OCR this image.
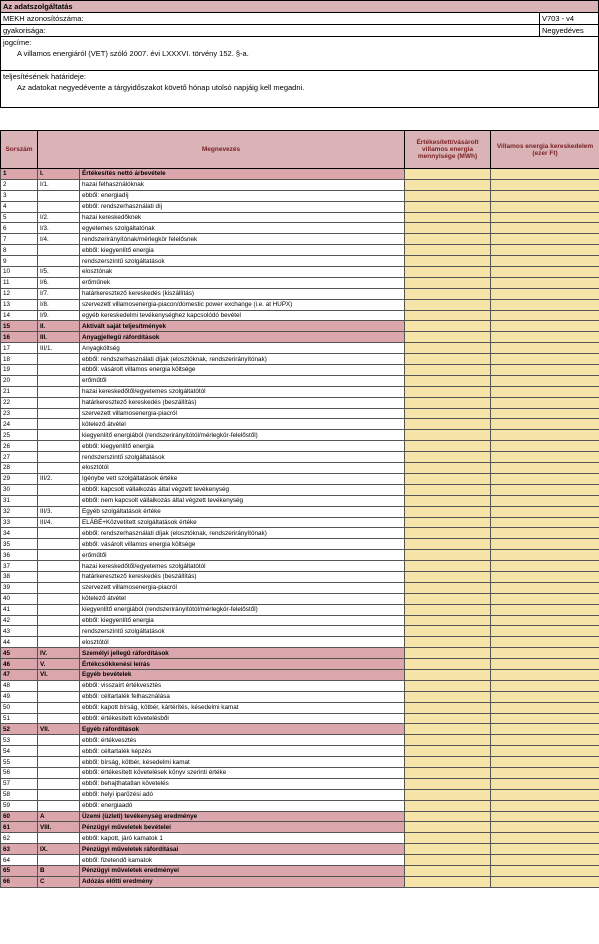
Az adatszolgáltatás
MEKH azonosítószáma:	V703 - v4
gyakorisága:	Negyedéves
jogcíme:
A villamos energiáról (VET) szóló 2007. évi LXXXVI. törvény 152. §-a.
teljesítésének határideje:
Az adatokat negyedévente a tárgyidőszakot követő hónap utolsó napjáig kell megadni.
Sorszám	Megnevezés		Értékesített/vásárolt villamos energia mennyisége (MWh)	Villamos energia kereskedelem (ezer Ft)
1	I.	Értékesítés nettó árbevétele		
2	I/1.	hazai felhasználóknak		
3		ebből: energiadíj		
4		ebből: rendszerhasználati díj		
5	I/2.	hazai kereskedőknek		
6	I/3.	egyetemes szolgáltatónak		
7	I/4.	rendszerirányítónak/mérlegkör felelősnek		
8		ebből: kiegyenlítő energia		
9		rendszerszintű szolgáltatások		
10	I/5.	elosztónak		
11	I/6.	erőműnek		
12	I/7.	határkeresztező kereskedés (kiszállítás)		
13	I/8.	szervezett villamosenergia-piacon/domestic power exchange (i.e. at HUPX)		
14	I/9.	egyéb kereskedelmi tevékenységhez kapcsolódó bevétel		
15	II.	Aktivált saját teljesítmények		
16	III.	Anyagjellegű ráfordítások		
17	III/1.	Anyagköltség		
18		ebből: rendszerhasználati díjak (elosztóknak, rendszerirányítónak)		
19		ebből: vásárolt villamos energia költsége		
20		erőműtől		
21		hazai kereskedőtől/egyetemes szolgáltatótól		
22		határkeresztező kereskedés (beszállítás)		
23		szervezett villamosenergia-piacról		
24		kötelező átvétel		
25		kiegyenlítő energiából (rendszerirányítótól/mérlegkör-felelőstől)		
26		ebből: kiegyenlítő energia		
27		rendszerszintű szolgáltatások		
28		elosztótól		
29	III/2.	Igénybe vett szolgáltatások értéke		
30		ebből: kapcsolt vállalkozás által végzett tevékenység		
31		ebből: nem kapcsolt vállalkozás által végzett tevékenység		
32	III/3.	Egyéb szolgáltatások értéke		
33	III/4.	ELÁBÉ+Közvetített szolgáltatások értéke		
34		ebből: rendszerhasználati díjak (elosztóknak, rendszerirányítónak)		
35		ebből: vásárolt villamos energia költsége		
36		erőműtől		
37		hazai kereskedőtől/egyetemes szolgáltatótól		
38		határkeresztező kereskedés (beszállítás)		
39		szervezett villamosenergia-piacról		
40		kötelező átvétel		
41		kiegyenlítő energiából (rendszerirányítótól/mérlegkör-felelőstől)		
42		ebből: kiegyenlítő energia		
43		rendszerszintű szolgáltatások		
44		elosztótól		
45	IV.	Személyi jellegű ráfordítások		
46	V.	Értékcsökkenési leírás		
47	VI.	Egyéb bevételek		
48		ebből: visszaírt értékvesztés		
49		ebből: céltartalék felhasználása		
50		ebből: kapott bírság, kötbér, kártérítés, késedelmi kamat		
51		ebből: értékesített követelésből		
52	VII.	Egyéb ráfordítások		
53		ebből: értékvesztés		
54		ebből: céltartalék képzés		
55		ebből: bírság, kötbér, késedelmi kamat		
56		ebből: értékesített követelések könyv szerinti értéke		
57		ebből: behajthatatlan követelés		
58		ebből: helyi iparűzési adó		
59		ebből: energiaadó		
60	A	Üzemi (üzleti) tevékenység eredménye		
61	VIII.	Pénzügyi műveletek bevételei		
62		ebből: kapott, járó kamatok 1		
63	IX.	Pénzügyi műveletek ráfordításai		
64		ebből: fizetendő kamatok		
65	B	Pénzügyi műveletek eredményei		
66	C	Adózás előtti eredmény		
